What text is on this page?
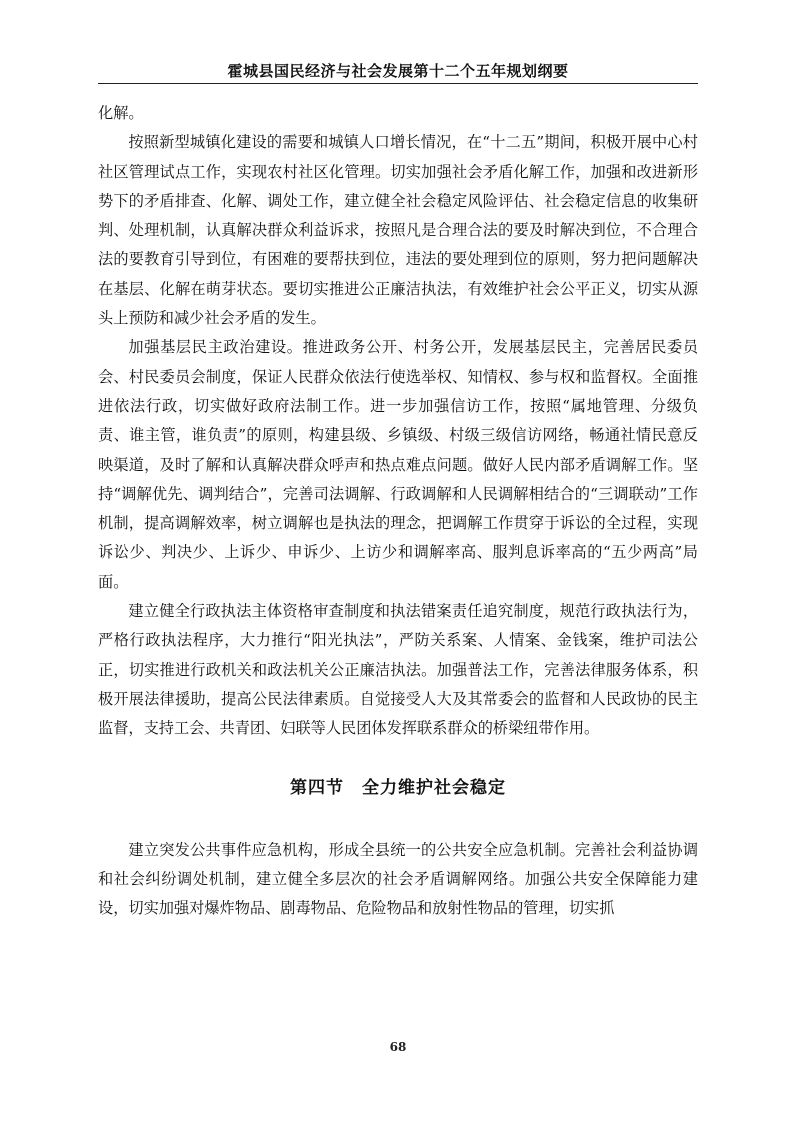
霍城县国民经济与社会发展第十二个五年规划纲要

化解。

按照新型城镇化建设的需要和城镇人口增长情况，在“十二五”期间，积极开展中心村社区管理试点工作，实现农村社区化管理。切实加强社会矛盾化解工作，加强和改进新形势下的矛盾排查、化解、调处工作，建立健全社会稳定风险评估、社会稳定信息的收集研判、处理机制，认真解决群众利益诉求，按照凡是合理合法的要及时解决到位，不合理合法的要教育引导到位，有困难的要帮扶到位，违法的要处理到位的原则，努力把问题解决在基层、化解在萌芽状态。要切实推进公正廉洁执法，有效维护社会公平正义，切实从源头上预防和减少社会矛盾的发生。

加强基层民主政治建设。推进政务公开、村务公开，发展基层民主，完善居民委员会、村民委员会制度，保证人民群众依法行使选举权、知情权、参与权和监督权。全面推进依法行政，切实做好政府法制工作。进一步加强信访工作，按照“属地管理、分级负责、谁主管，谁负责”的原则，构建县级、乡镇级、村级三级信访网络，畅通社情民意反映渠道，及时了解和认真解决群众呼声和热点难点问题。做好人民内部矛盾调解工作。坚持“调解优先、调判结合”，完善司法调解、行政调解和人民调解相结合的“三调联动”工作机制，提高调解效率，树立调解也是执法的理念，把调解工作贯穿于诉讼的全过程，实现诉讼少、判决少、上诉少、申诉少、上访少和调解率高、服判息诉率高的“五少两高”局面。

建立健全行政执法主体资格审查制度和执法错案责任追究制度，规范行政执法行为，严格行政执法程序，大力推行“阳光执法”，严防关系案、人情案、金钱案，维护司法公正，切实推进行政机关和政法机关公正廉洁执法。加强普法工作，完善法律服务体系，积极开展法律援助，提高公民法律素质。自觉接受人大及其常委会的监督和人民政协的民主监督，支持工会、共青团、妇联等人民团体发挥联系群众的桥梁纽带作用。

第四节　全力维护社会稳定

建立突发公共事件应急机构，形成全县统一的公共安全应急机制。完善社会利益协调和社会纠纷调处机制，建立健全多层次的社会矛盾调解网络。加强公共安全保障能力建设，切实加强对爆炸物品、剧毒物品、危险物品和放射性物品的管理，切实抓

68
